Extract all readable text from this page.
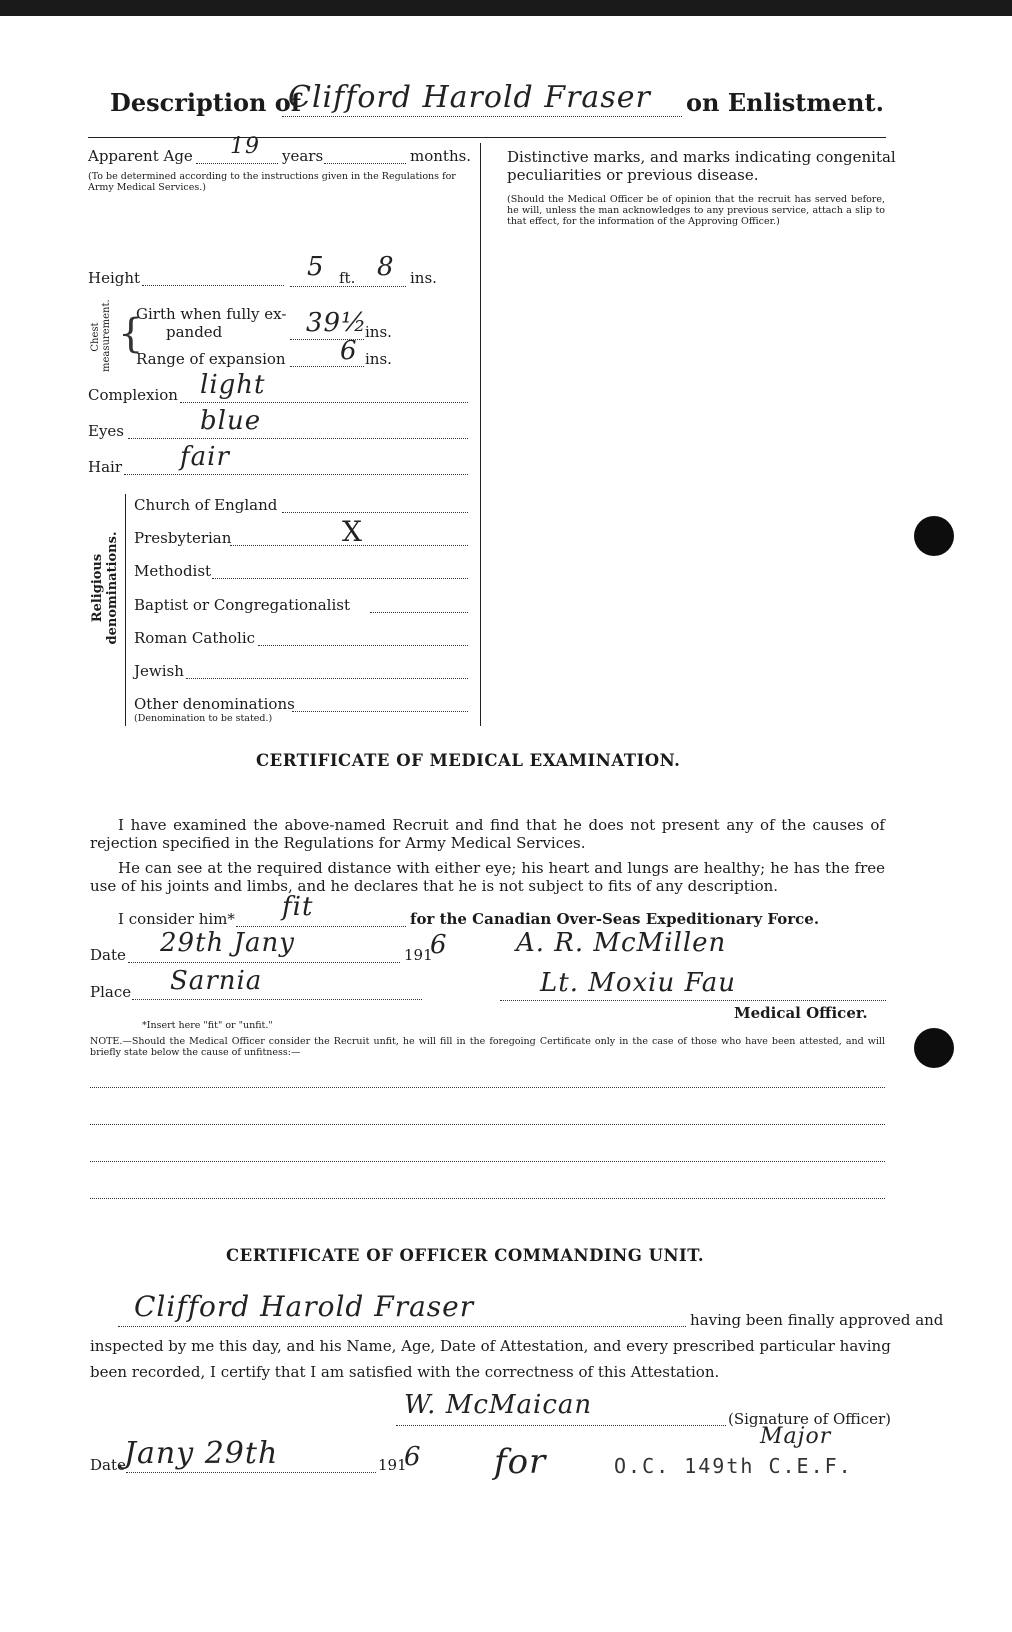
Description of
Clifford Harold Fraser on Enlistment.
Apparent Age 19 years	months.
(To be determined according to the instructions given in the Regulations for Army Medical Services.)
Height	5 ft. 8 ins.
Chest measurement. {
Girth when fully ex-
panded	39½
ins.
Range of expansion 6 ins.
Complexion light
Eyes	blue
Hair fair
Religious denominations.
Church of England
Presbyterian	X
Methodist
Baptist or Congregationalist
Roman Catholic
Jewish
Other denominations
(Denomination to be stated.)
Distinctive marks, and marks indicating congenital
peculiarities or previous disease.
(Should the Medical Officer be of opinion that the recruit has served before, he will, unless the man acknowledges to any previous service, attach a slip to that effect, for the information of the Approving Officer.)
CERTIFICATE OF MEDICAL EXAMINATION.
I have examined the above-named Recruit and find that he does not present any of the causes of rejection specified in the Regulations for Army Medical Services.
He can see at the required distance with either eye; his heart and lungs are healthy; he has the free use of his joints and limbs, and he declares that he is not subject to fits of any description.
I consider him* fit	for the Canadian Over-Seas Expeditionary Force.
Date 29th Jany	191
6	A. R. McMillen
Place Sarnia	Lt. Moxiu Fau
Medical Officer.
*Insert here "fit" or "unfit."
NOTE.—Should the Medical Officer consider the Recruit unfit, he will fill in the foregoing Certificate only in the case of those who have been attested, and will briefly state below the cause of unfitness:—
CERTIFICATE OF OFFICER COMMANDING UNIT.
Clifford Harold Fraser	having been finally approved and
inspected by me this day, and his Name, Age, Date of Attestation, and every prescribed particular having
been recorded, I certify that I am satisfied with the correctness of this Attestation.
W. McMaican	(Signature of Officer)
Major
Date
Jany 29th	191
6 for	O.C. 149th C.E.F.
